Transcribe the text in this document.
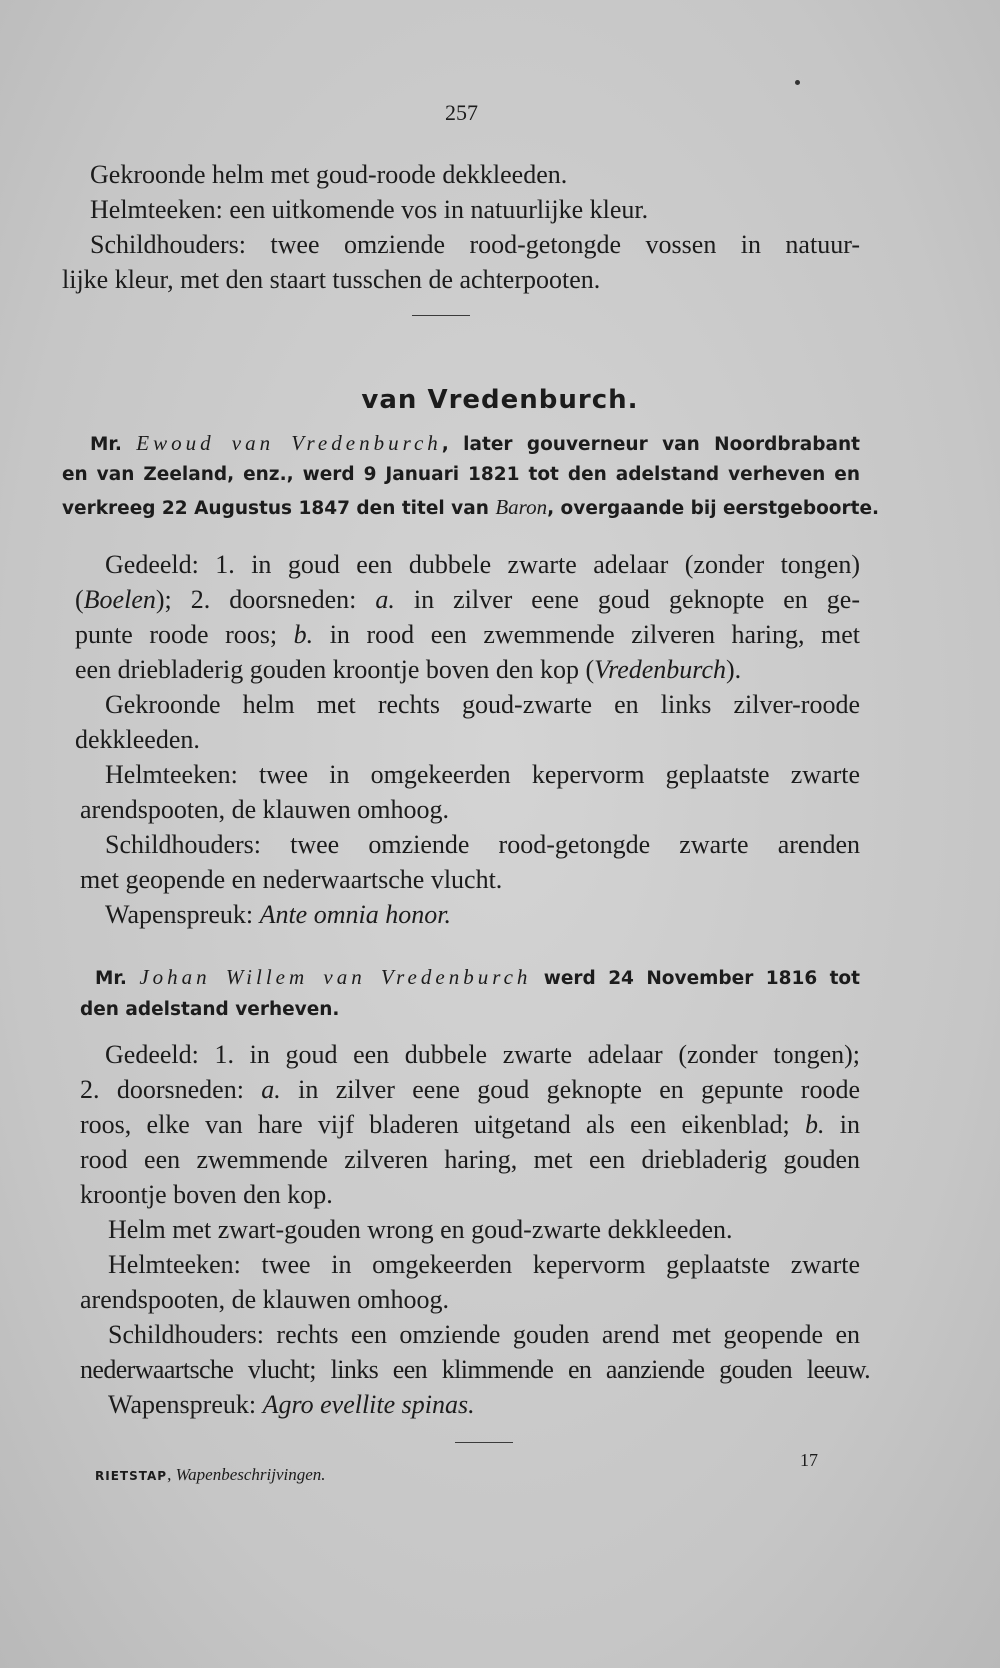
257
Gekroonde helm met goud-roode dekkleeden.
Helmteeken: een uitkomende vos in natuurlijke kleur.
Schildhouders: twee omziende rood-getongde vossen in natuur-
lijke kleur, met den staart tusschen de achterpooten.
van Vredenburch.
Mr. Ewoud van Vredenburch, later gouverneur van Noordbrabant
en van Zeeland, enz., werd 9 Januari 1821 tot den adelstand verheven en
verkreeg 22 Augustus 1847 den titel van Baron, overgaande bij eerstgeboorte.
Gedeeld: 1. in goud een dubbele zwarte adelaar (zonder tongen)
(Boelen); 2. doorsneden: a. in zilver eene goud geknopte en ge-
punte roode roos; b. in rood een zwemmende zilveren haring, met
een driebladerig gouden kroontje boven den kop (Vredenburch).
Gekroonde helm met rechts goud-zwarte en links zilver-roode
dekkleeden.
Helmteeken: twee in omgekeerden kepervorm geplaatste zwarte
arendspooten, de klauwen omhoog.
Schildhouders: twee omziende rood-getongde zwarte arenden
met geopende en nederwaartsche vlucht.
Wapenspreuk: Ante omnia honor.
Mr. Johan Willem van Vredenburch werd 24 November 1816 tot
den adelstand verheven.
Gedeeld: 1. in goud een dubbele zwarte adelaar (zonder tongen);
2. doorsneden: a. in zilver eene goud geknopte en gepunte roode
roos, elke van hare vijf bladeren uitgetand als een eikenblad; b. in
rood een zwemmende zilveren haring, met een driebladerig gouden
kroontje boven den kop.
Helm met zwart-gouden wrong en goud-zwarte dekkleeden.
Helmteeken: twee in omgekeerden kepervorm geplaatste zwarte
arendspooten, de klauwen omhoog.
Schildhouders: rechts een omziende gouden arend met geopende en
nederwaartsche vlucht; links een klimmende en aanziende gouden leeuw.
Wapenspreuk: Agro evellite spinas.
RIETSTAP, Wapenbeschrijvingen.
17
